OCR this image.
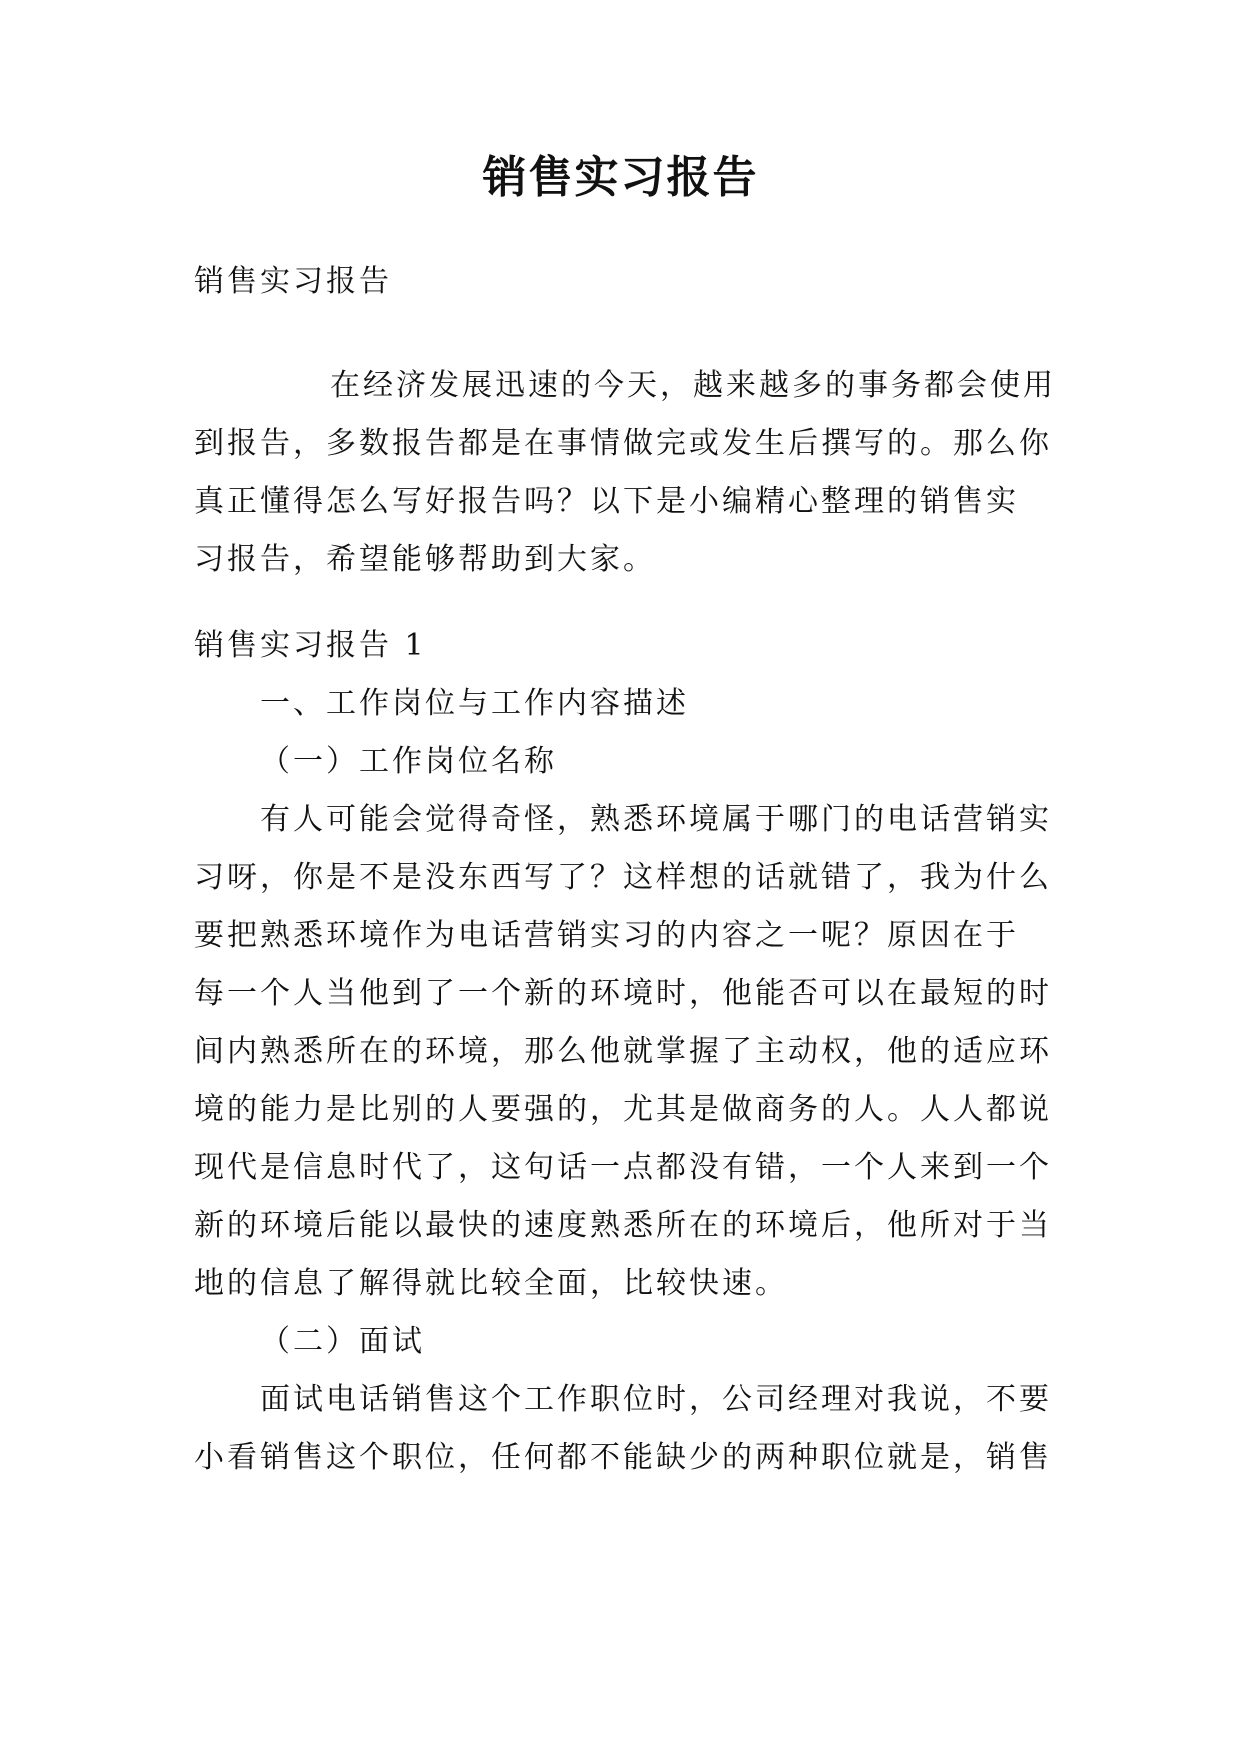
销售实习报告
销售实习报告
在经济发展迅速的今天，越来越多的事务都会使用
到报告，多数报告都是在事情做完或发生后撰写的。那么你
真正懂得怎么写好报告吗？以下是小编精心整理的销售实
习报告，希望能够帮助到大家。
销售实习报告 1
一、工作岗位与工作内容描述
（一）工作岗位名称
有人可能会觉得奇怪，熟悉环境属于哪门的电话营销实
习呀，你是不是没东西写了？这样想的话就错了，我为什么
要把熟悉环境作为电话营销实习的内容之一呢？原因在于
每一个人当他到了一个新的环境时，他能否可以在最短的时
间内熟悉所在的环境，那么他就掌握了主动权，他的适应环
境的能力是比别的人要强的，尤其是做商务的人。人人都说
现代是信息时代了，这句话一点都没有错，一个人来到一个
新的环境后能以最快的速度熟悉所在的环境后，他所对于当
地的信息了解得就比较全面，比较快速。
（二）面试
面试电话销售这个工作职位时，公司经理对我说，不要
小看销售这个职位，任何都不能缺少的两种职位就是，销售
